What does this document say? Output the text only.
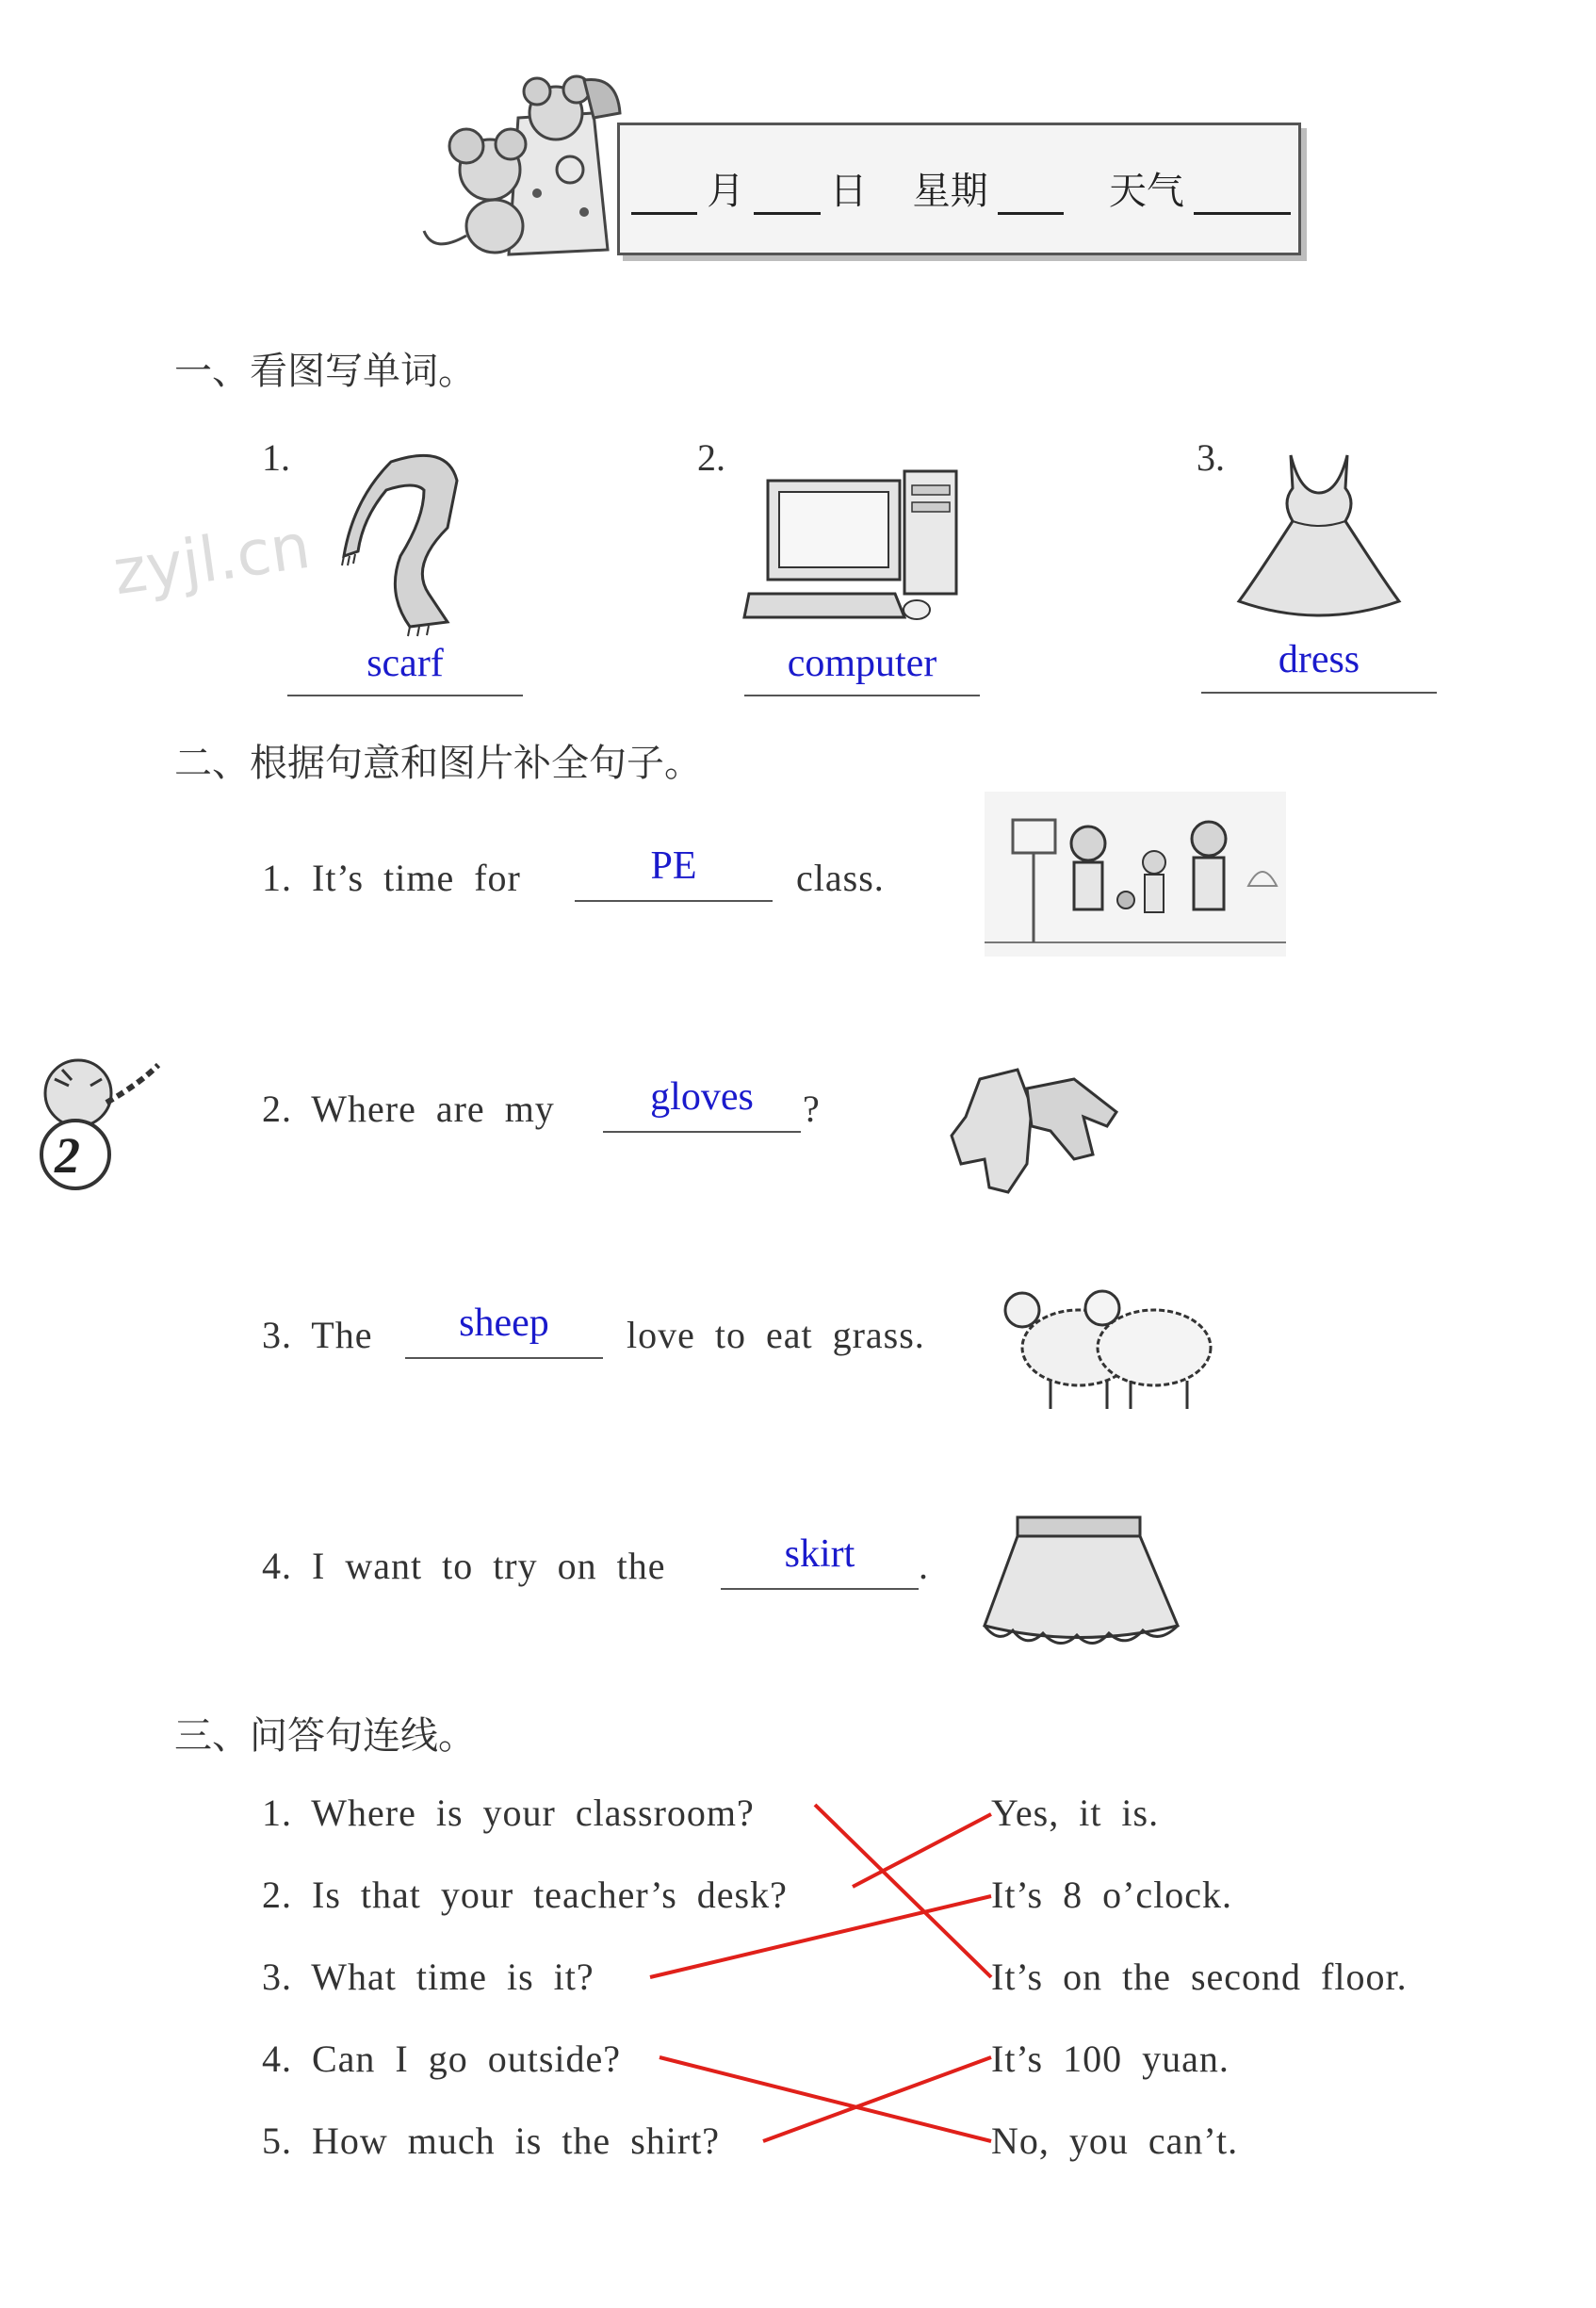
zyjl.cn
月 日 星期	天气
一、看图写单词。
1.
scarf
2.
computer
3.
dress
二、根据句意和图片补全句子。
1. It’s time for	PE	class.
2. Where are my	gloves	?
3. The	sheep	love to eat grass.
4. I want to try on the	skirt	.
2
三、问答句连线。
1. Where is your classroom?
2. Is that your teacher’s desk?
3. What time is it?
4. Can I go outside?
5. How much is the shirt?
Yes, it is.
It’s 8 o’clock.
It’s on the second floor.
It’s 100 yuan.
No, you can’t.
